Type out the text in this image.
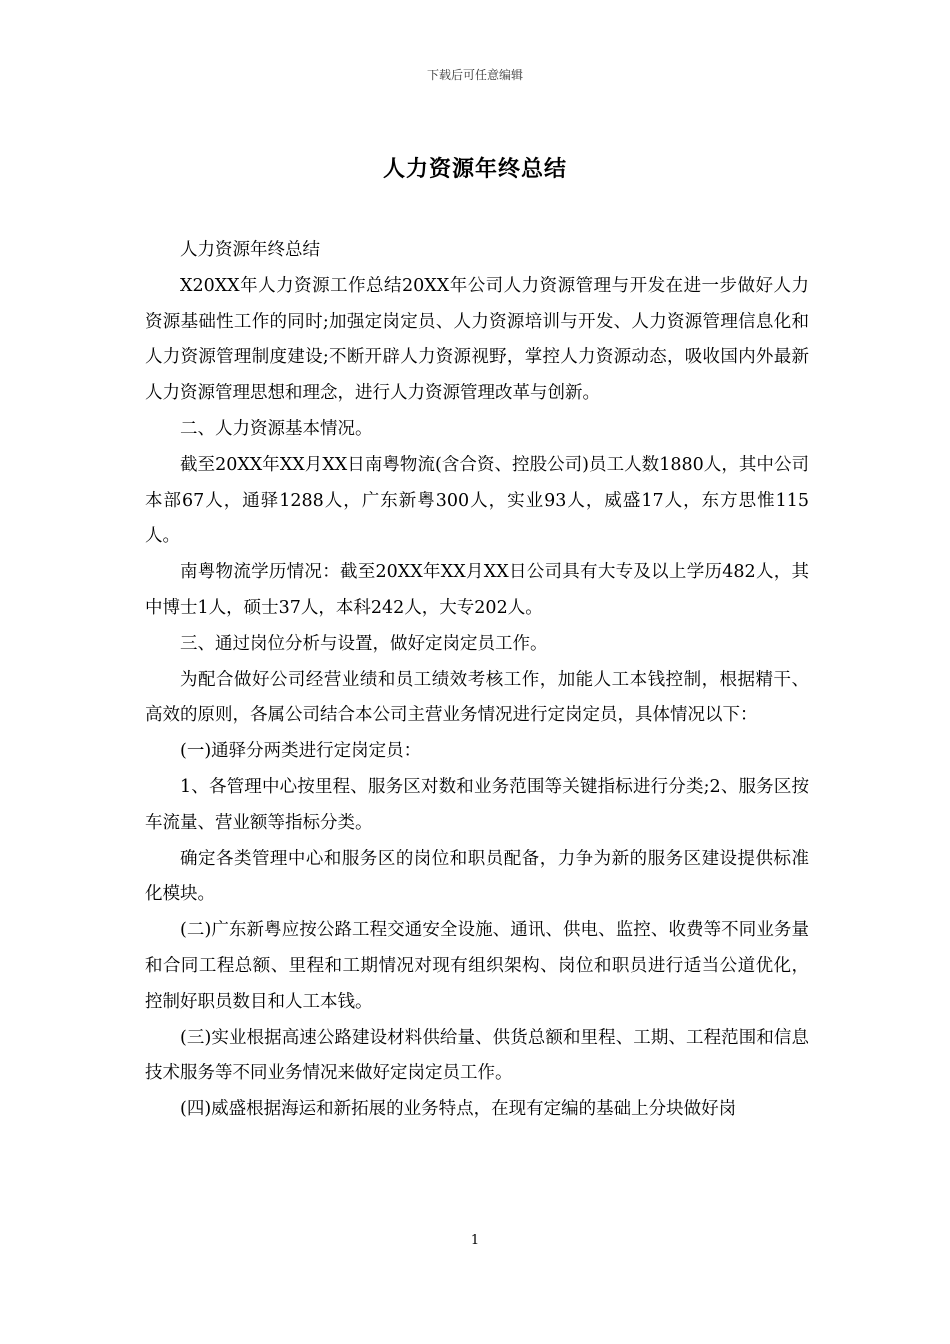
下载后可任意编辑
人力资源年终总结

人力资源年终总结

X20XX年人力资源工作总结20XX年公司人力资源管理与开发在进一步做好人力资源基础性工作的同时;加强定岗定员、人力资源培训与开发、人力资源管理信息化和人力资源管理制度建设;不断开辟人力资源视野，掌控人力资源动态，吸收国内外最新人力资源管理思想和理念，进行人力资源管理改革与创新。

二、人力资源基本情况。

截至20XX年XX月XX日南粤物流(含合资、控股公司)员工人数1880人，其中公司本部67人，通驿1288人，广东新粤300人，实业93人，威盛17人，东方思惟115人。

南粤物流学历情况：截至20XX年XX月XX日公司具有大专及以上学历482人，其中博士1人，硕士37人，本科242人，大专202人。

三、通过岗位分析与设置，做好定岗定员工作。

为配合做好公司经营业绩和员工绩效考核工作，加能人工本钱控制，根据精干、高效的原则，各属公司结合本公司主营业务情况进行定岗定员，具体情况以下：

(一)通驿分两类进行定岗定员：

1、各管理中心按里程、服务区对数和业务范围等关键指标进行分类;2、服务区按车流量、营业额等指标分类。

确定各类管理中心和服务区的岗位和职员配备，力争为新的服务区建设提供标准化模块。

(二)广东新粤应按公路工程交通安全设施、通讯、供电、监控、收费等不同业务量和合同工程总额、里程和工期情况对现有组织架构、岗位和职员进行适当公道优化，控制好职员数目和人工本钱。

(三)实业根据高速公路建设材料供给量、供货总额和里程、工期、工程范围和信息技术服务等不同业务情况来做好定岗定员工作。

(四)威盛根据海运和新拓展的业务特点，在现有定编的基础上分块做好岗

1
